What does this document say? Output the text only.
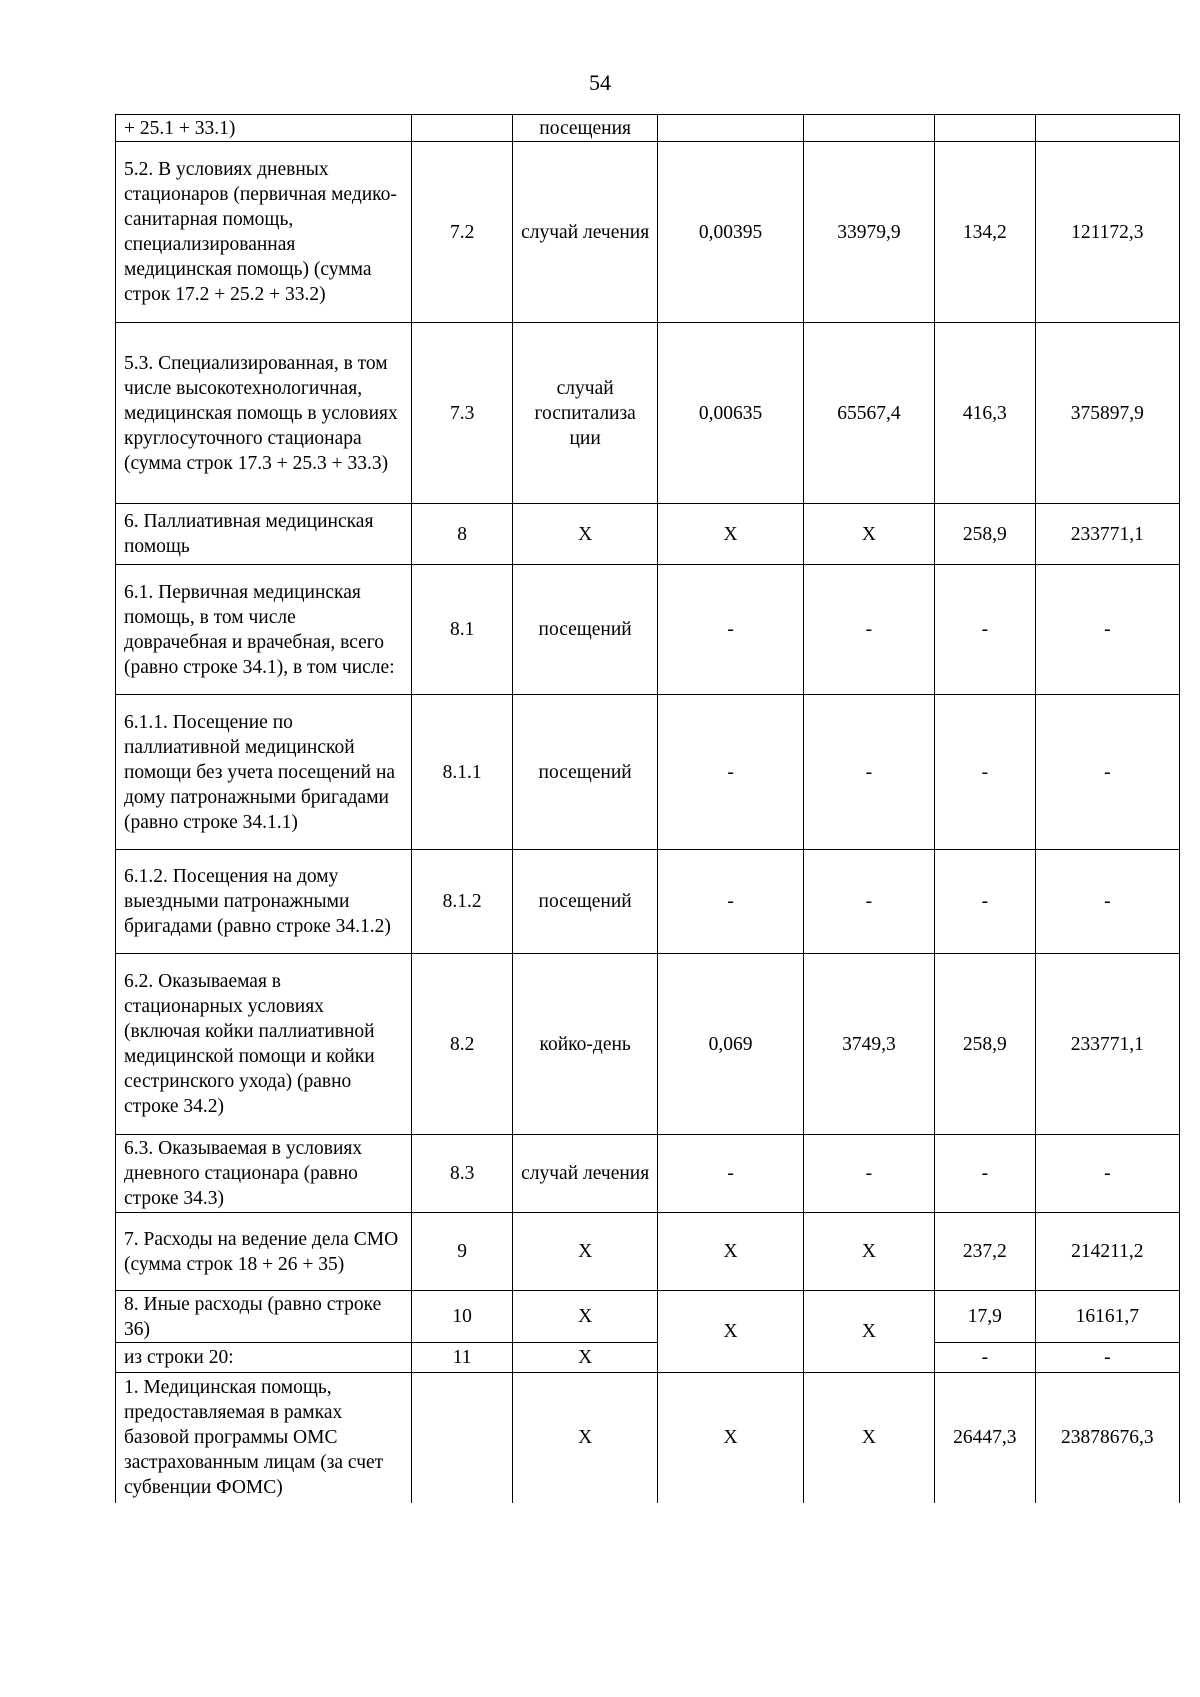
54
+ 25.1 + 33.1)		посещения				
5.2. В условиях дневных стационаров (первичная медико-санитарная помощь, специализированная медицинская помощь) (сумма строк 17.2 + 25.2 + 33.2)	7.2	случай лечения	0,00395	33979,9	134,2	121172,3
5.3. Специализированная, в том числе высокотехнологичная, медицинская помощь в условиях круглосуточного стационара (сумма строк 17.3 + 25.3 + 33.3)	7.3	случай госпитализа ции	0,00635	65567,4	416,3	375897,9
6. Паллиативная медицинская помощь	8	Х	Х	Х	258,9	233771,1
6.1. Первичная медицинская помощь, в том числе доврачебная и врачебная, всего (равно строке 34.1), в том числе:	8.1	посещений	-	-	-	-
6.1.1. Посещение по паллиативной медицинской помощи без учета посещений на дому патронажными бригадами (равно строке 34.1.1)	8.1.1	посещений	-	-	-	-
6.1.2. Посещения на дому выездными патронажными бригадами (равно строке 34.1.2)	8.1.2	посещений	-	-	-	-
6.2. Оказываемая в стационарных условиях (включая койки паллиативной медицинской помощи и койки сестринского ухода) (равно строке 34.2)	8.2	койко-день	0,069	3749,3	258,9	233771,1
6.3. Оказываемая в условиях дневного стационара (равно строке 34.3)	8.3	случай лечения	-	-	-	-
7. Расходы на ведение дела СМО (сумма строк 18 + 26 + 35)	9	Х	Х	Х	237,2	214211,2
8. Иные расходы (равно строке 36)	10	Х	Х	Х	17,9	16161,7
из строки 20:	11	Х			-	-
1. Медицинская помощь, предоставляемая в рамках базовой программы ОМС застрахованным лицам (за счет субвенции ФОМС)		Х	Х	Х	26447,3	23878676,3
